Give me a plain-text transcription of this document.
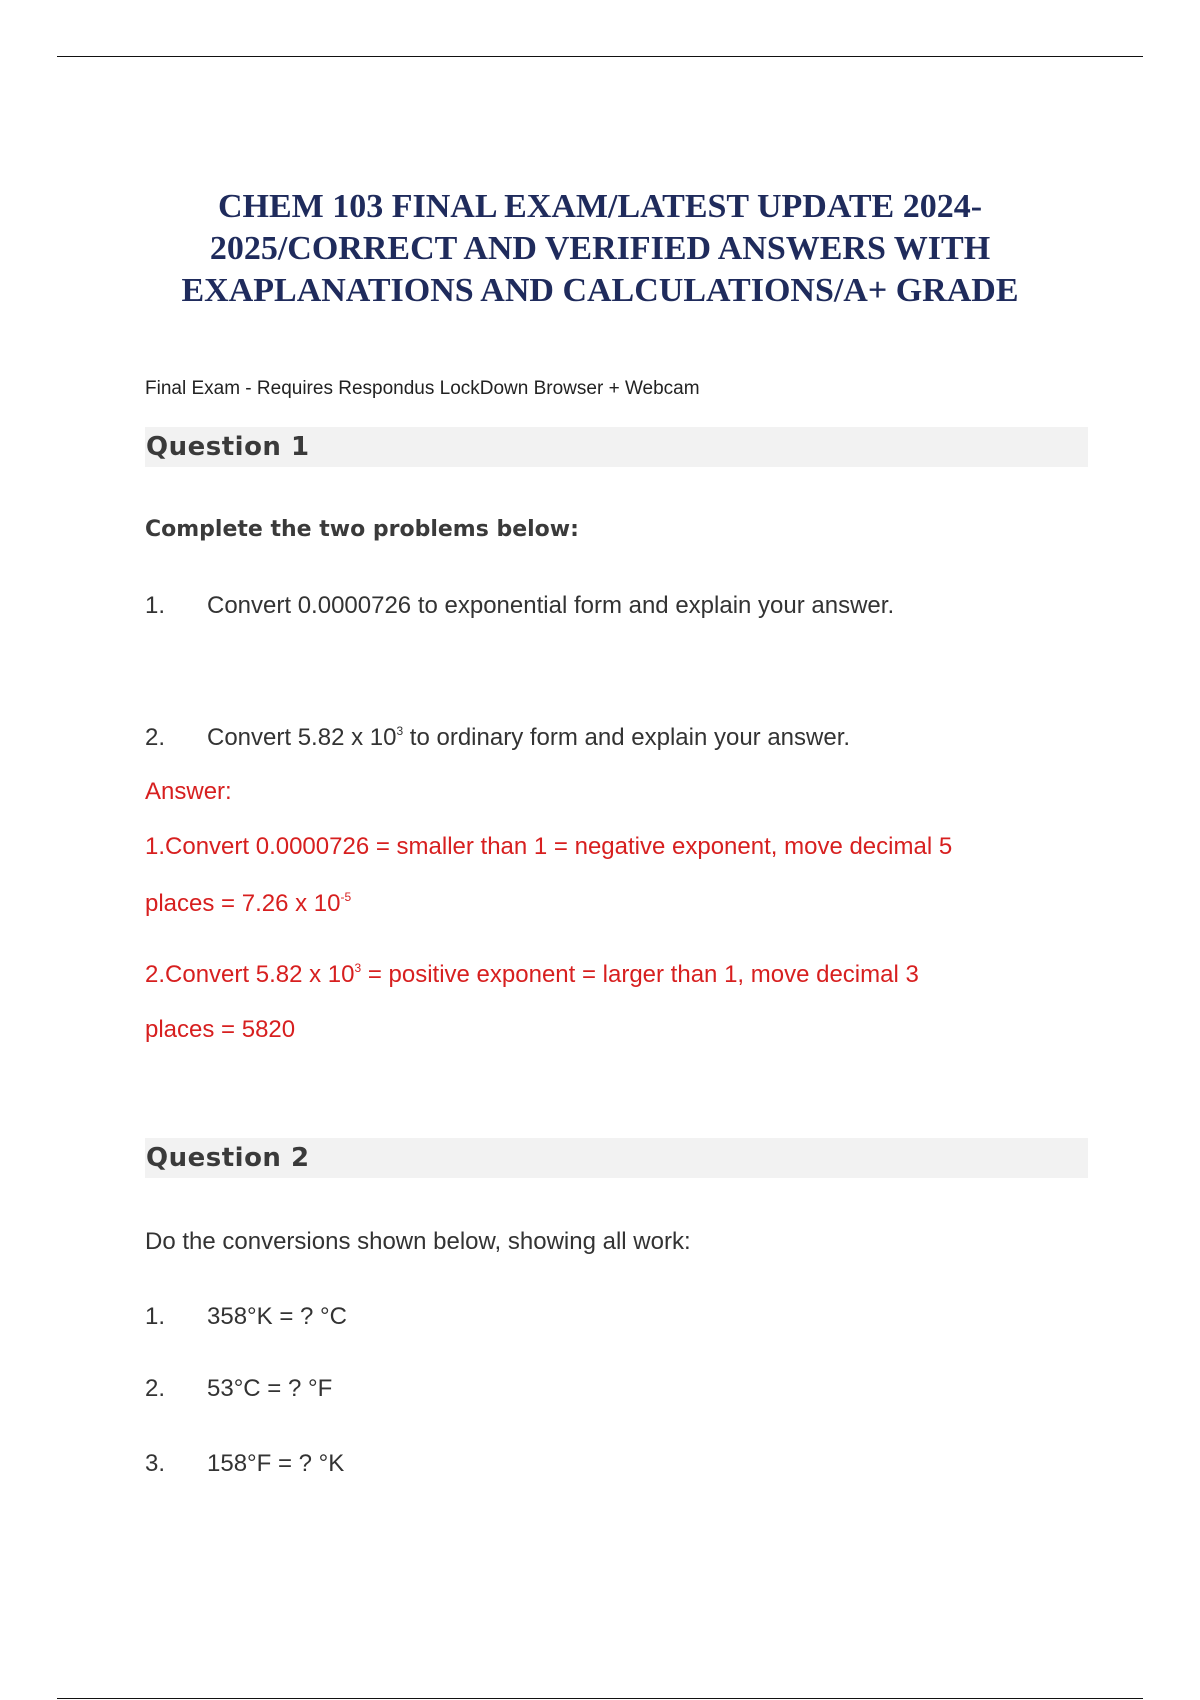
CHEM 103 FINAL EXAM/LATEST UPDATE 2024-
2025/CORRECT AND VERIFIED ANSWERS WITH
EXAPLANATIONS AND CALCULATIONS/A+ GRADE
Final Exam - Requires Respondus LockDown Browser + Webcam
Question 1
Complete the two problems below:
1. Convert 0.0000726 to exponential form and explain your answer.
2. Convert 5.82 x $10^3$ to ordinary form and explain your answer.
Answer:
1.Convert 0.0000726 = smaller than 1 = negative exponent, move decimal 5
places = 7.26 x $10^{-5}$
2.Convert 5.82 x $10^3$ = positive exponent = larger than 1, move decimal 3
places = 5820
Question 2
Do the conversions shown below, showing all work:
1. 358°K = ? °C
2. 53°C = ? °F
3. 158°F = ? °K
